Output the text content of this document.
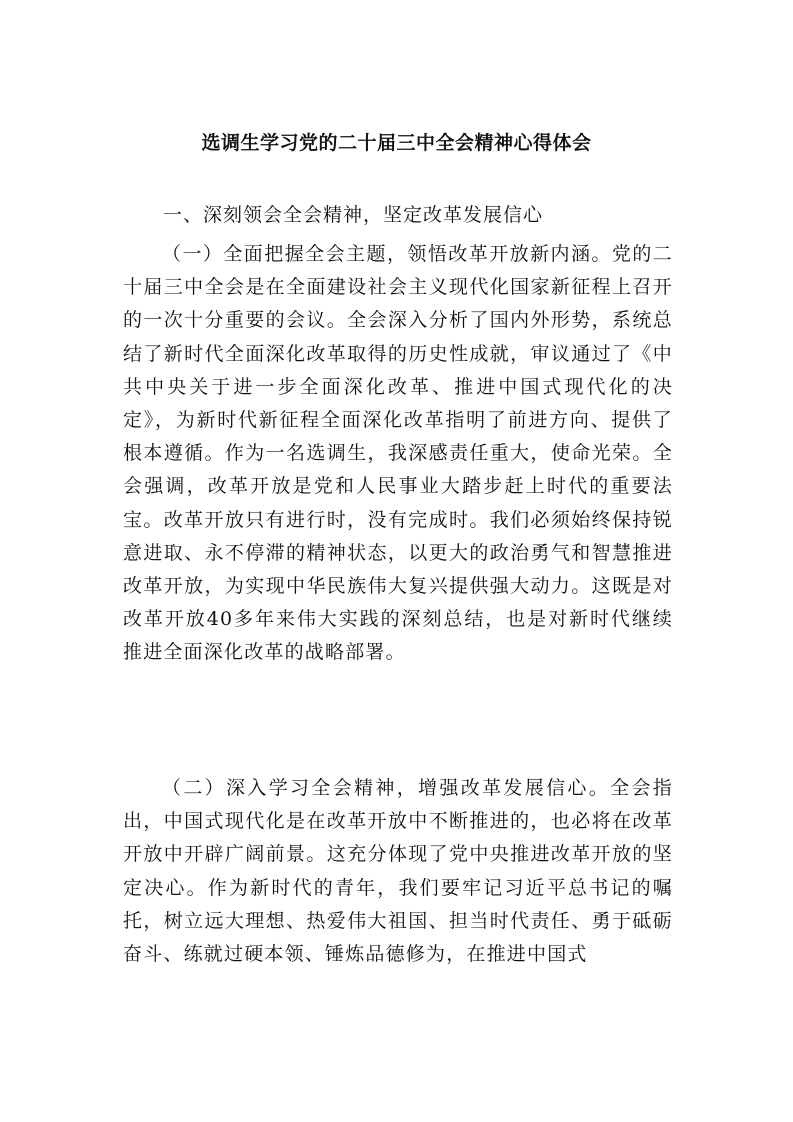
选调生学习党的二十届三中全会精神心得体会

一、深刻领会全会精神，坚定改革发展信心

（一）全面把握全会主题，领悟改革开放新内涵。党的二十届三中全会是在全面建设社会主义现代化国家新征程上召开的一次十分重要的会议。全会深入分析了国内外形势，系统总结了新时代全面深化改革取得的历史性成就，审议通过了《中共中央关于进一步全面深化改革、推进中国式现代化的决定》，为新时代新征程全面深化改革指明了前进方向、提供了根本遵循。作为一名选调生，我深感责任重大，使命光荣。全会强调，改革开放是党和人民事业大踏步赶上时代的重要法宝。改革开放只有进行时，没有完成时。我们必须始终保持锐意进取、永不停滞的精神状态，以更大的政治勇气和智慧推进改革开放，为实现中华民族伟大复兴提供强大动力。这既是对改革开放40多年来伟大实践的深刻总结，也是对新时代继续推进全面深化改革的战略部署。

（二）深入学习全会精神，增强改革发展信心。全会指出，中国式现代化是在改革开放中不断推进的，也必将在改革开放中开辟广阔前景。这充分体现了党中央推进改革开放的坚定决心。作为新时代的青年，我们要牢记习近平总书记的嘱托，树立远大理想、热爱伟大祖国、担当时代责任、勇于砥砺奋斗、练就过硬本领、锤炼品德修为，在推进中国式
